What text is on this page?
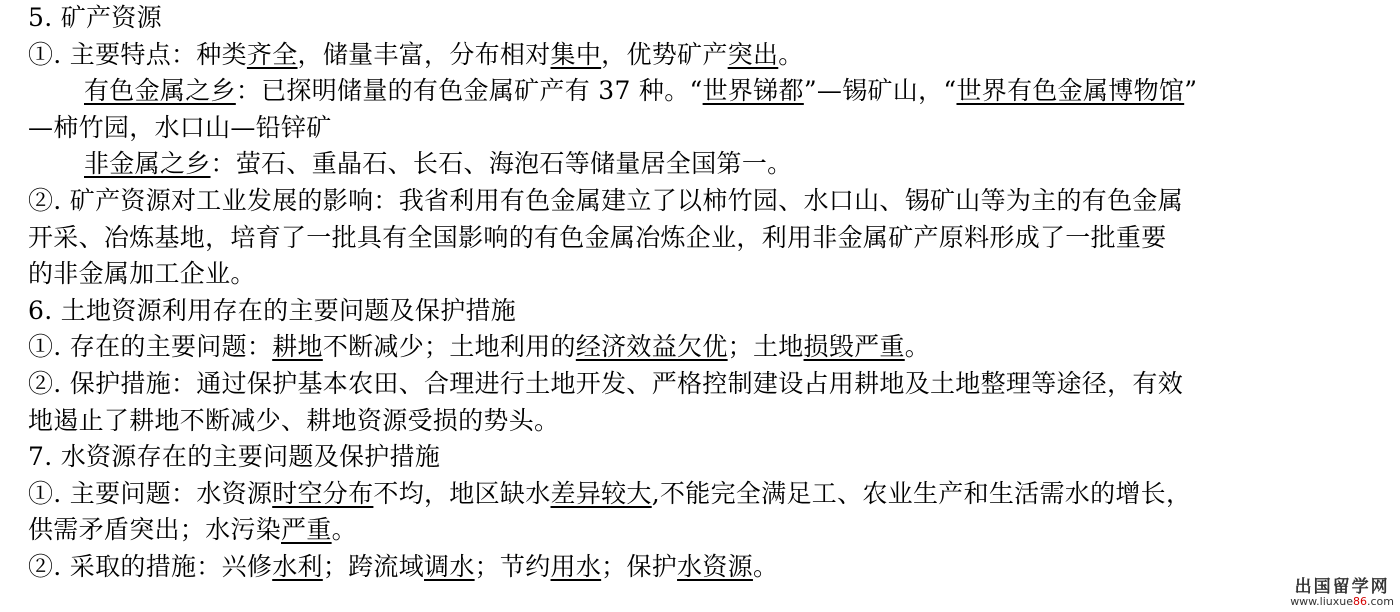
5. 矿产资源
①. 主要特点：种类齐全，储量丰富，分布相对集中，优势矿产突出。
有色金属之乡：已探明储量的有色金属矿产有 37 种。“世界锑都”—锡矿山，“世界有色金属博物馆”
—柿竹园，水口山—铅锌矿
非金属之乡：萤石、重晶石、长石、海泡石等储量居全国第一。
②. 矿产资源对工业发展的影响：我省利用有色金属建立了以柿竹园、水口山、锡矿山等为主的有色金属
开采、冶炼基地，培育了一批具有全国影响的有色金属冶炼企业，利用非金属矿产原料形成了一批重要
的非金属加工企业。
6. 土地资源利用存在的主要问题及保护措施
①. 存在的主要问题：耕地不断减少；土地利用的经济效益欠优；土地损毁严重。
②. 保护措施：通过保护基本农田、合理进行土地开发、严格控制建设占用耕地及土地整理等途径，有效
地遏止了耕地不断减少、耕地资源受损的势头。
7. 水资源存在的主要问题及保护措施
①. 主要问题：水资源时空分布不均，地区缺水差异较大,不能完全满足工、农业生产和生活需水的增长，
供需矛盾突出；水污染严重。
②. 采取的措施：兴修水利；跨流域调水；节约用水；保护水资源。
出国留学网
www.liuxue86.com
